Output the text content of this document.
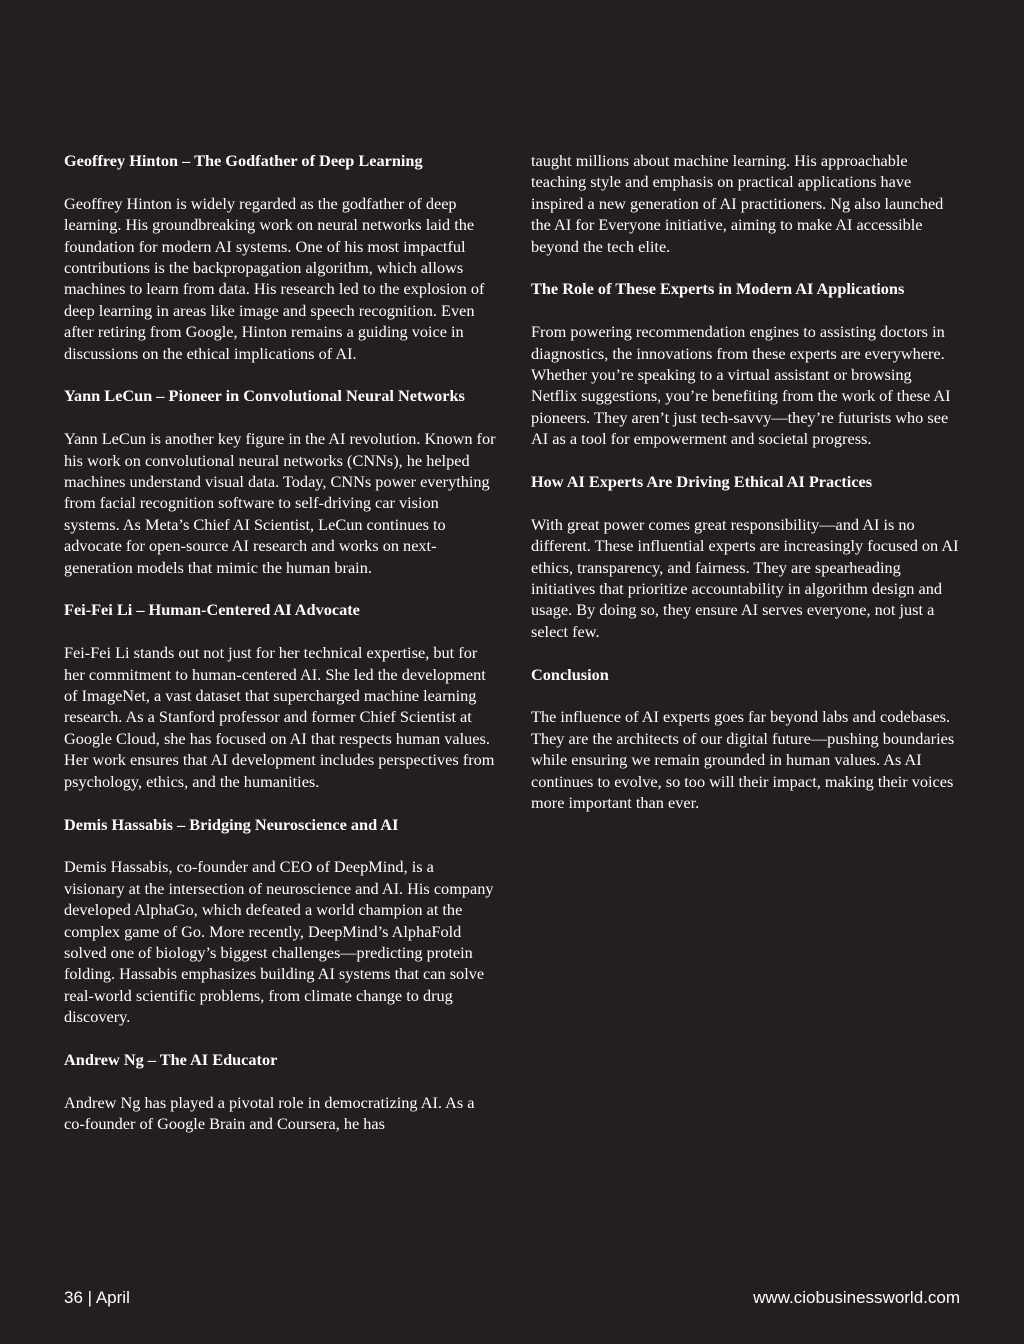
Geoffrey Hinton – The Godfather of Deep Learning

Geoffrey Hinton is widely regarded as the godfather of deep learning. His groundbreaking work on neural networks laid the foundation for modern AI systems. One of his most impactful contributions is the backpropagation algorithm, which allows machines to learn from data. His research led to the explosion of deep learning in areas like image and speech recognition. Even after retiring from Google, Hinton remains a guiding voice in discussions on the ethical implications of AI.

Yann LeCun – Pioneer in Convolutional Neural Networks

Yann LeCun is another key figure in the AI revolution. Known for his work on convolutional neural networks (CNNs), he helped machines understand visual data. Today, CNNs power everything from facial recognition software to self-driving car vision systems. As Meta’s Chief AI Scientist, LeCun continues to advocate for open-source AI research and works on next-generation models that mimic the human brain.

Fei-Fei Li – Human-Centered AI Advocate

Fei-Fei Li stands out not just for her technical expertise, but for her commitment to human-centered AI. She led the development of ImageNet, a vast dataset that supercharged machine learning research. As a Stanford professor and former Chief Scientist at Google Cloud, she has focused on AI that respects human values. Her work ensures that AI development includes perspectives from psychology, ethics, and the humanities.

Demis Hassabis – Bridging Neuroscience and AI

Demis Hassabis, co-founder and CEO of DeepMind, is a visionary at the intersection of neuroscience and AI. His company developed AlphaGo, which defeated a world champion at the complex game of Go. More recently, DeepMind’s AlphaFold solved one of biology’s biggest challenges—predicting protein folding. Hassabis emphasizes building AI systems that can solve real-world scientific problems, from climate change to drug discovery.

Andrew Ng – The AI Educator

Andrew Ng has played a pivotal role in democratizing AI. As a co-founder of Google Brain and Coursera, he has

taught millions about machine learning. His approachable teaching style and emphasis on practical applications have inspired a new generation of AI practitioners. Ng also launched the AI for Everyone initiative, aiming to make AI accessible beyond the tech elite.

The Role of These Experts in Modern AI Applications

From powering recommendation engines to assisting doctors in diagnostics, the innovations from these experts are everywhere. Whether you’re speaking to a virtual assistant or browsing Netflix suggestions, you’re benefiting from the work of these AI pioneers. They aren’t just tech-savvy—they’re futurists who see AI as a tool for empowerment and societal progress.

How AI Experts Are Driving Ethical AI Practices

With great power comes great responsibility—and AI is no different. These influential experts are increasingly focused on AI ethics, transparency, and fairness. They are spearheading initiatives that prioritize accountability in algorithm design and usage. By doing so, they ensure AI serves everyone, not just a select few.

Conclusion

The influence of AI experts goes far beyond labs and codebases. They are the architects of our digital future—pushing boundaries while ensuring we remain grounded in human values. As AI continues to evolve, so too will their impact, making their voices more important than ever.

36 | April	www.ciobusinessworld.com
